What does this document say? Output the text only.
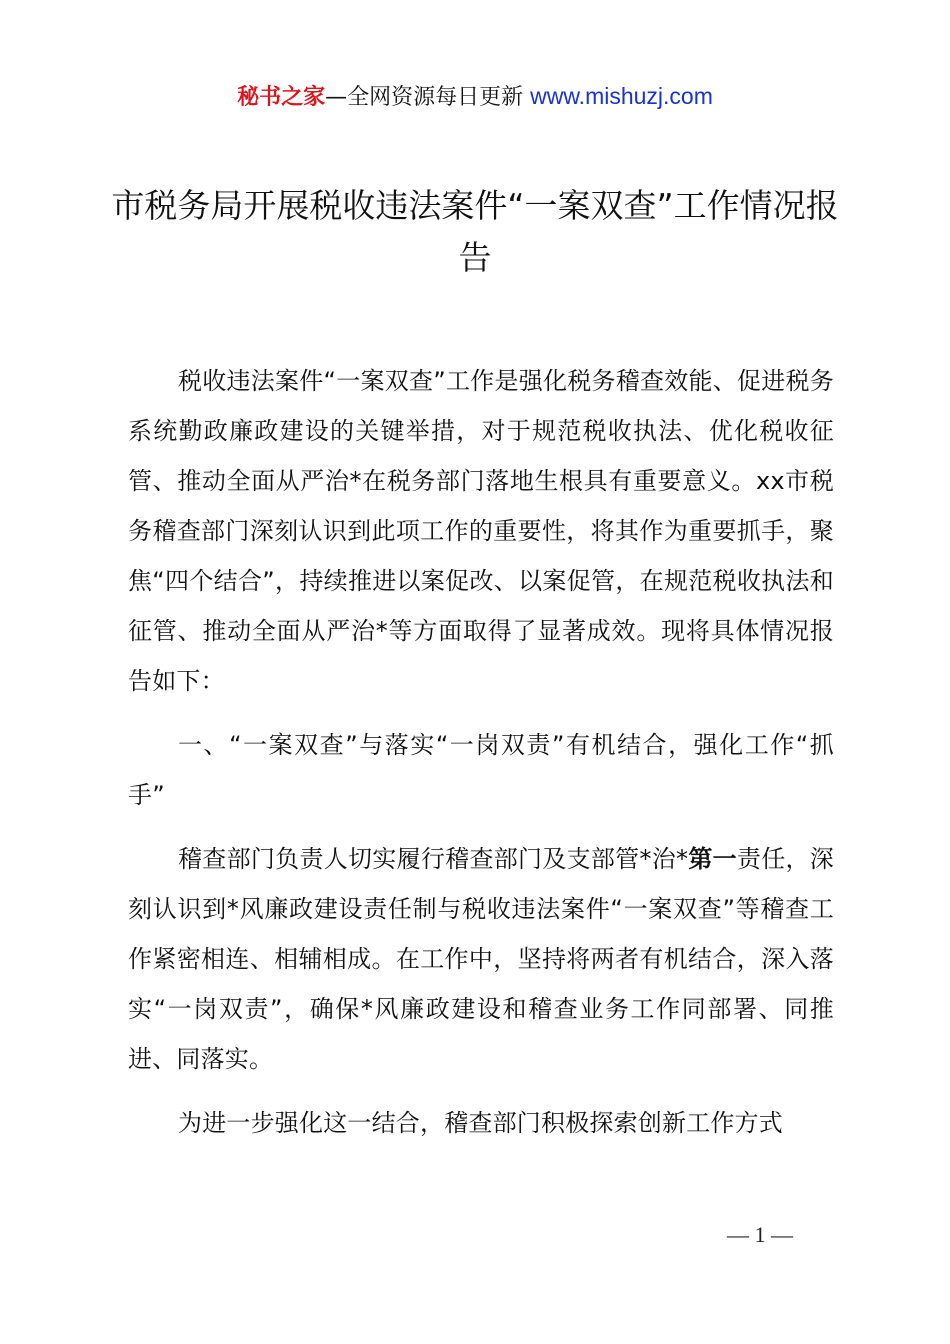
秘书之家—全网资源每日更新 www.mishuzj.com
市税务局开展税收违法案件“一案双查”工作情况报告

税收违法案件“一案双查”工作是强化税务稽查效能、促进税务系统勤政廉政建设的关键举措，对于规范税收执法、优化税收征管、推动全面从严治*在税务部门落地生根具有重要意义。xx市税务稽查部门深刻认识到此项工作的重要性，将其作为重要抓手，聚焦“四个结合”，持续推进以案促改、以案促管，在规范税收执法和征管、推动全面从严治*等方面取得了显著成效。现将具体情况报告如下：

一、“一案双查”与落实“一岗双责”有机结合，强化工作“抓手”

稽查部门负责人切实履行稽查部门及支部管*治*第一责任，深刻认识到*风廉政建设责任制与税收违法案件“一案双查”等稽查工作紧密相连、相辅相成。在工作中，坚持将两者有机结合，深入落实“一岗双责”，确保*风廉政建设和稽查业务工作同部署、同推进、同落实。

为进一步强化这一结合，稽查部门积极探索创新工作方式

— 1 —
